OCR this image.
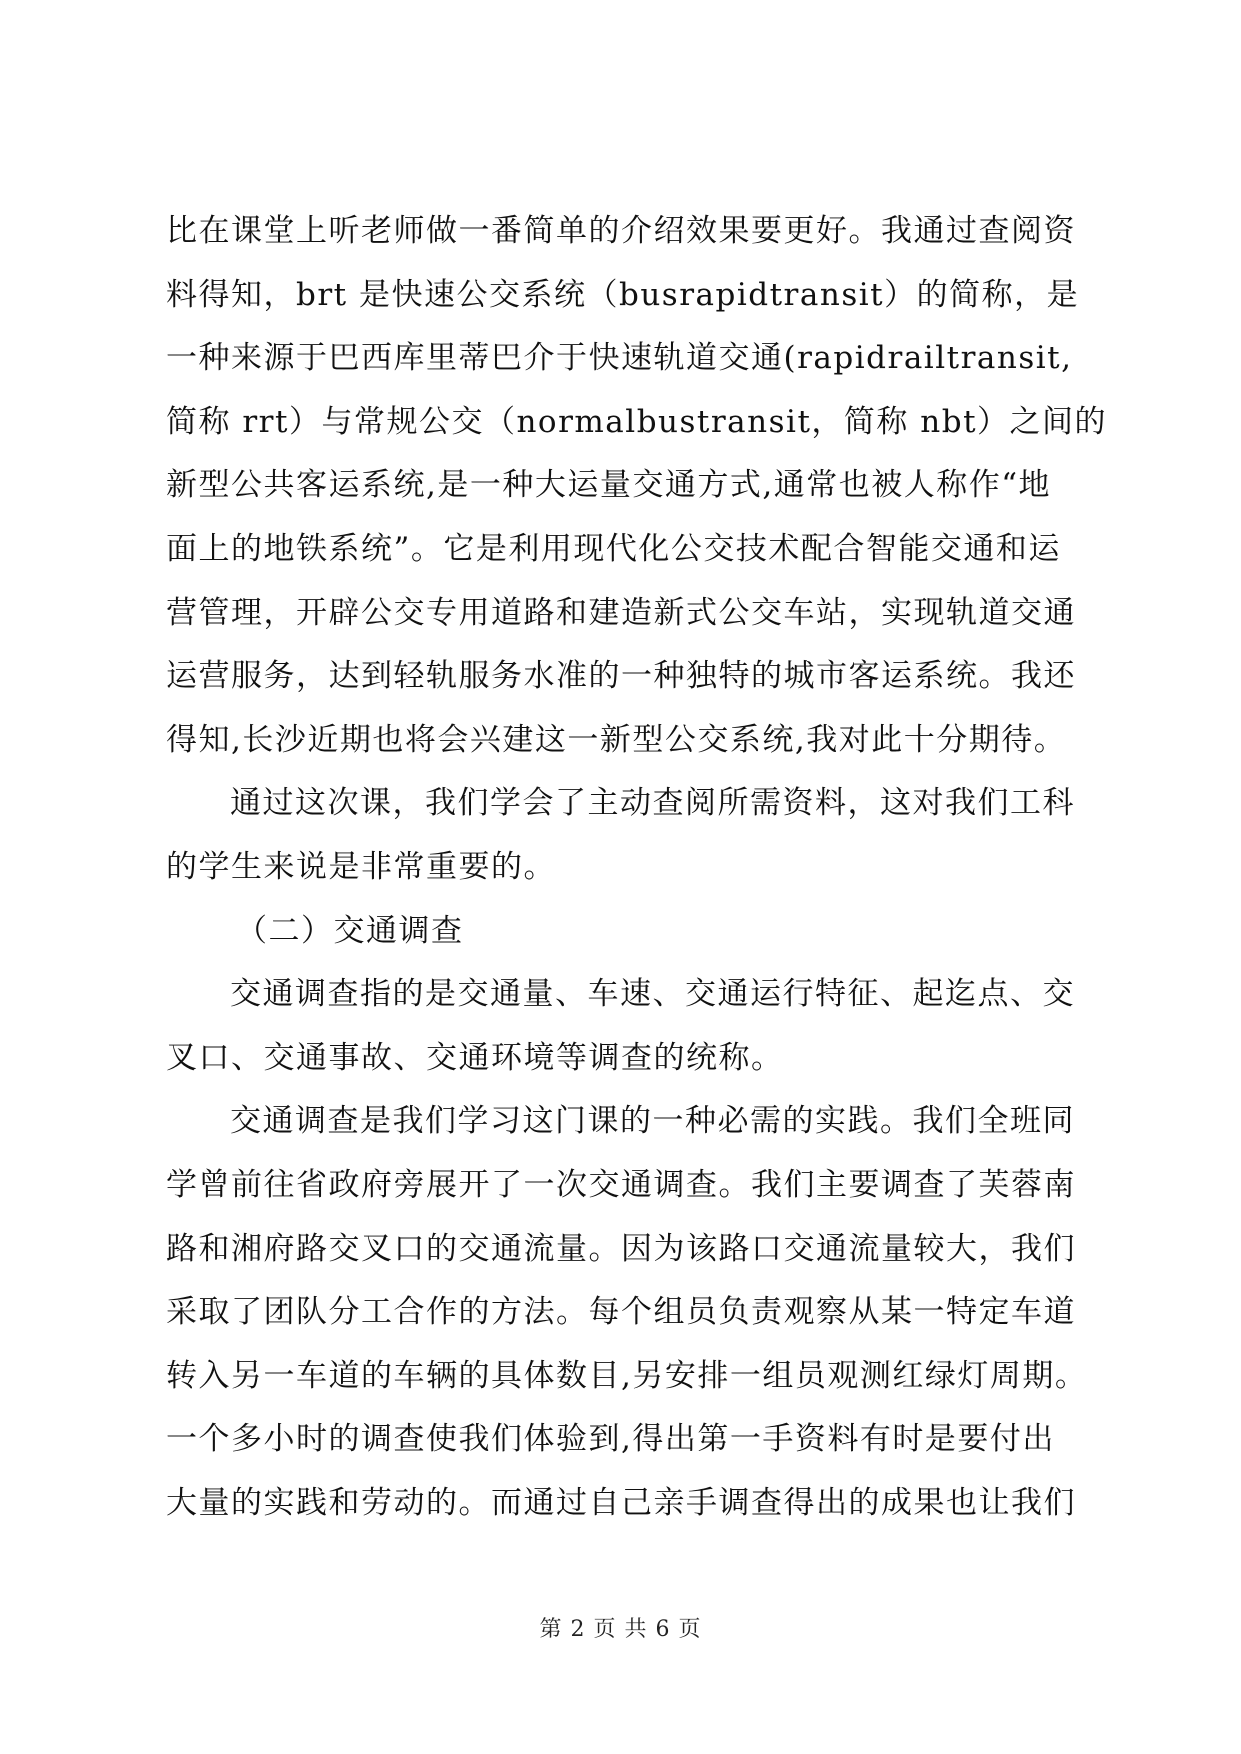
比在课堂上听老师做一番简单的介绍效果要更好。我通过查阅资
料得知，brt 是快速公交系统（busrapidtransit）的简称，是
一种来源于巴西库里蒂巴介于快速轨道交通(rapidrailtransit,
简称 rrt）与常规公交（normalbustransit，简称 nbt）之间的
新型公共客运系统,是一种大运量交通方式,通常也被人称作“地
面上的地铁系统”。它是利用现代化公交技术配合智能交通和运
营管理，开辟公交专用道路和建造新式公交车站，实现轨道交通
运营服务，达到轻轨服务水准的一种独特的城市客运系统。我还
得知,长沙近期也将会兴建这一新型公交系统,我对此十分期待。
通过这次课，我们学会了主动查阅所需资料，这对我们工科
的学生来说是非常重要的。
（二）交通调查
交通调查指的是交通量、车速、交通运行特征、起迄点、交
叉口、交通事故、交通环境等调查的统称。
交通调查是我们学习这门课的一种必需的实践。我们全班同
学曾前往省政府旁展开了一次交通调查。我们主要调查了芙蓉南
路和湘府路交叉口的交通流量。因为该路口交通流量较大，我们
采取了团队分工合作的方法。每个组员负责观察从某一特定车道
转入另一车道的车辆的具体数目,另安排一组员观测红绿灯周期。
一个多小时的调查使我们体验到,得出第一手资料有时是要付出
大量的实践和劳动的。而通过自己亲手调查得出的成果也让我们
第 2 页 共 6 页
